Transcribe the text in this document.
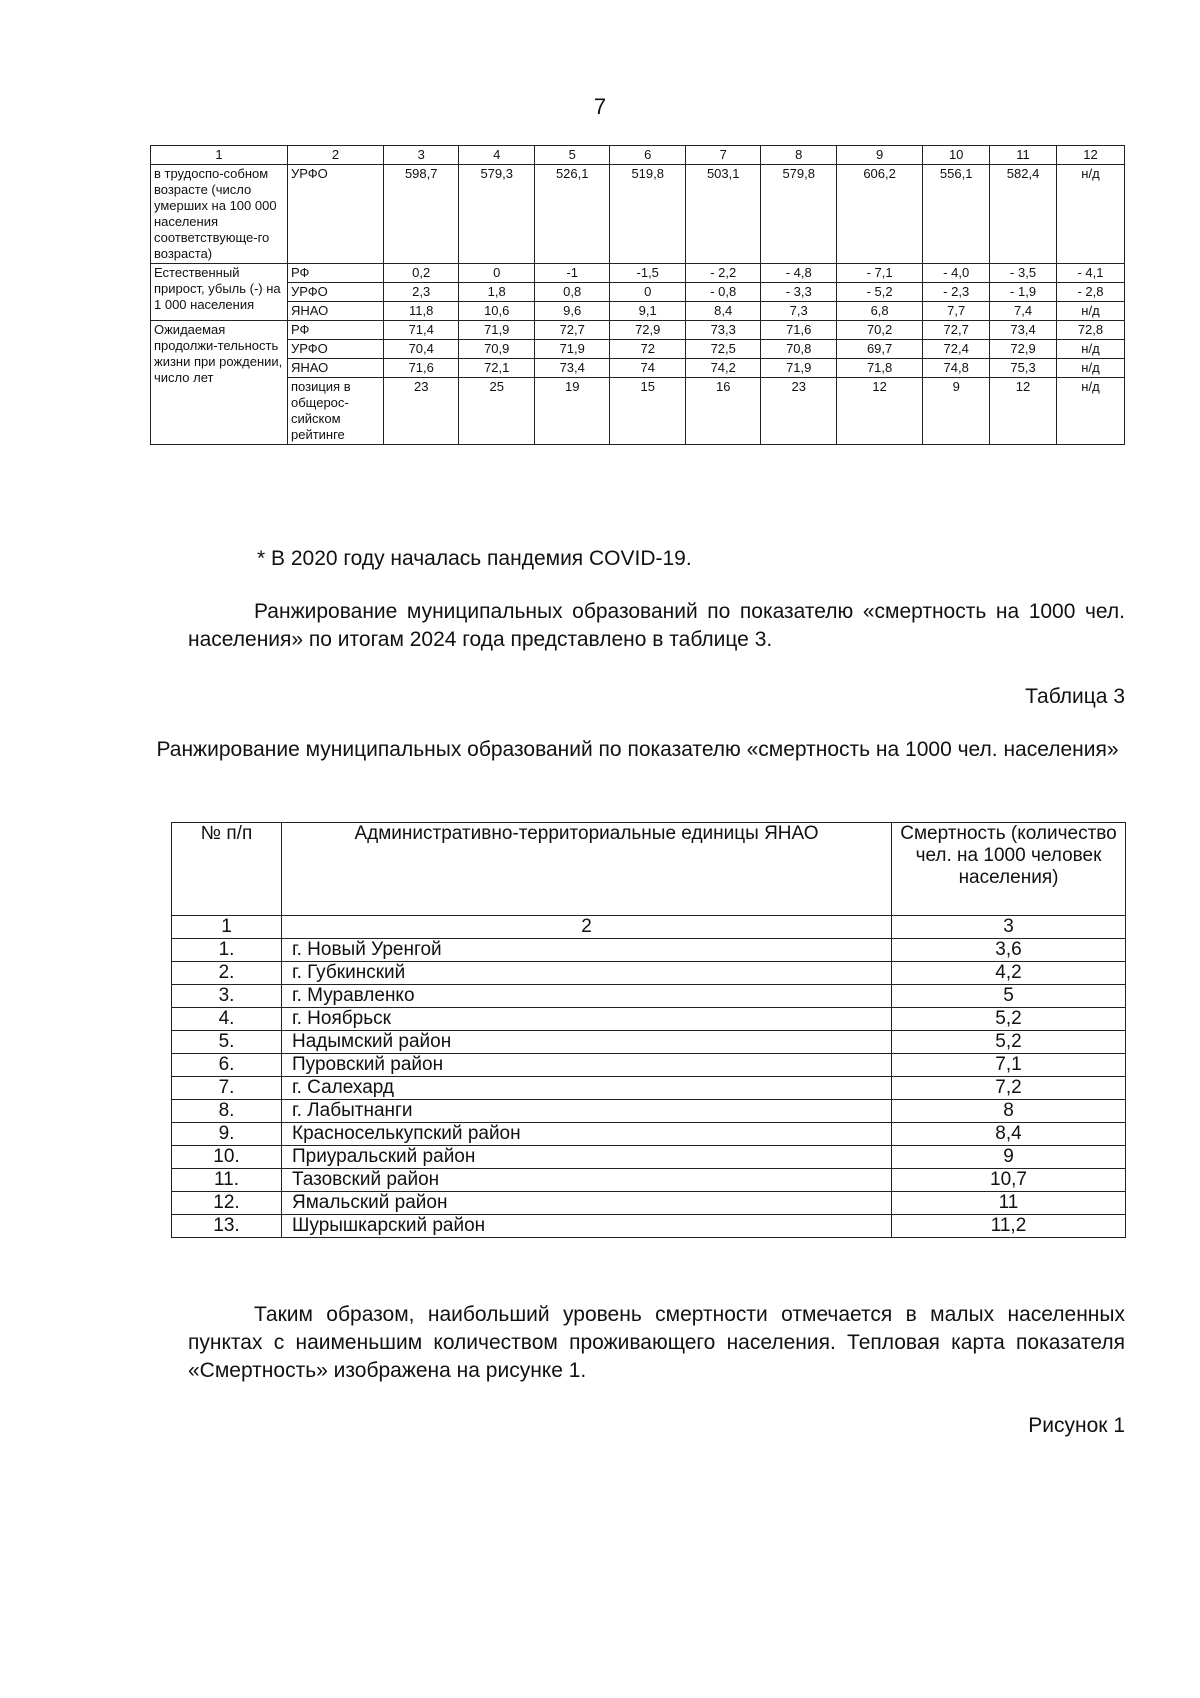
7
1	2	3	4	5	6	7	8	9	10	11	12
в трудоспо-собном возрасте (число умерших на 100 000 населения соответствующе-го возраста)	УРФО	598,7	579,3	526,1	519,8	503,1	579,8	606,2	556,1	582,4	н/д
Естественный прирост, убыль (-) на 1 000 населения	РФ	0,2	0	-1	-1,5	- 2,2	- 4,8	- 7,1	- 4,0	- 3,5	- 4,1
	УРФО	2,3	1,8	0,8	0	- 0,8	- 3,3	- 5,2	- 2,3	- 1,9	- 2,8
	ЯНАО	11,8	10,6	9,6	9,1	8,4	7,3	6,8	7,7	7,4	н/д
Ожидаемая продолжи-тельность жизни при рождении, число лет	РФ	71,4	71,9	72,7	72,9	73,3	71,6	70,2	72,7	73,4	72,8
	УРФО	70,4	70,9	71,9	72	72,5	70,8	69,7	72,4	72,9	н/д
	ЯНАО	71,6	72,1	73,4	74	74,2	71,9	71,8	74,8	75,3	н/д
	позиция в общерос-сийском рейтинге	23	25	19	15	16	23	12	9	12	н/д
* В 2020 году началась пандемия COVID-19.
Ранжирование муниципальных образований по показателю «смертность на 1000 чел. населения» по итогам 2024 года представлено в таблице 3.
Таблица 3
Ранжирование муниципальных образований по показателю «смертность на 1000 чел. населения»
№ п/п	Административно-территориальные единицы ЯНАО	Смертность (количество чел. на 1000 человек населения)
1	2	3
1.	г. Новый Уренгой	3,6
2.	г. Губкинский	4,2
3.	г. Муравленко	5
4.	г. Ноябрьск	5,2
5.	Надымский район	5,2
6.	Пуровский район	7,1
7.	г. Салехард	7,2
8.	г. Лабытнанги	8
9.	Красноселькупский район	8,4
10.	Приуральский район	9
11.	Тазовский район	10,7
12.	Ямальский район	11
13.	Шурышкарский район	11,2
Таким образом, наибольший уровень смертности отмечается в малых населенных пунктах с наименьшим количеством проживающего населения. Тепловая карта показателя «Смертность» изображена на рисунке 1.
Рисунок 1
